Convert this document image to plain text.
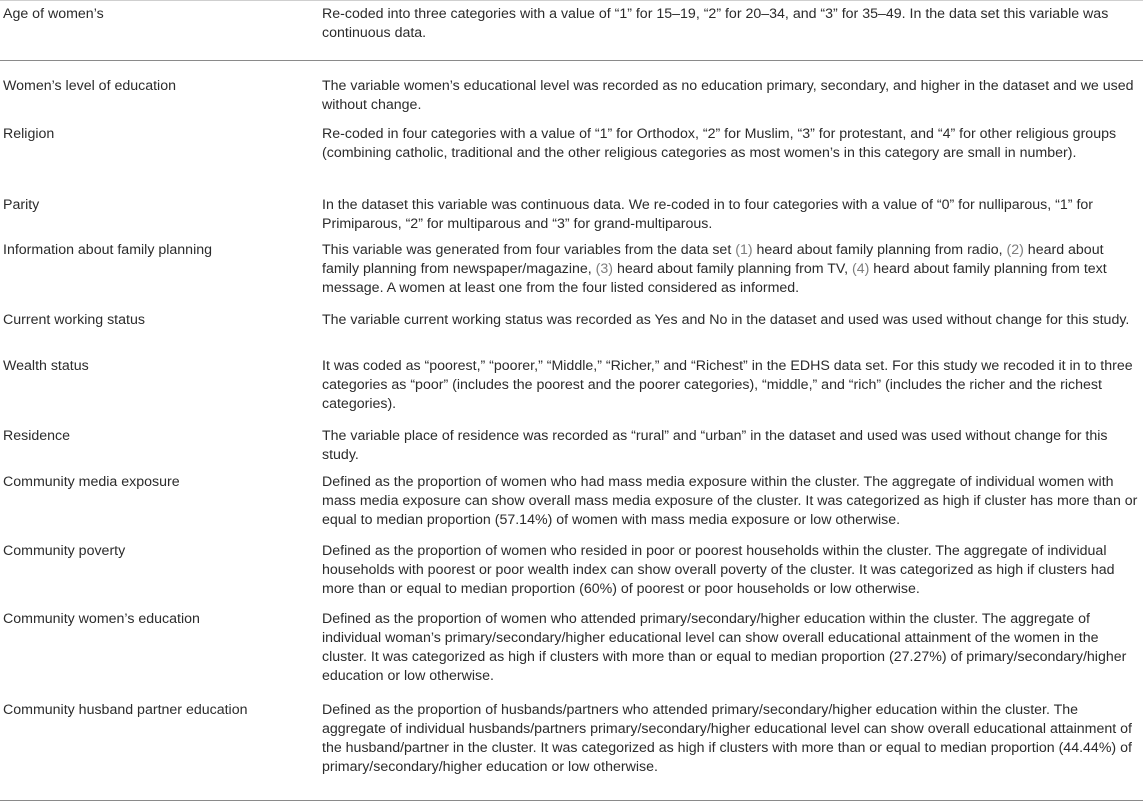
Age of women’s	Re-coded into three categories with a value of “1” for 15–19, “2” for 20–34, and “3” for 35–49. In the data set this variable was continuous data.
Women’s level of education	The variable women’s educational level was recorded as no education primary, secondary, and higher in the dataset and we used without change.
Religion	Re-coded in four categories with a value of “1” for Orthodox, “2” for Muslim, “3” for protestant, and “4” for other religious groups (combining catholic, traditional and the other religious categories as most women’s in this category are small in number).
Parity	In the dataset this variable was continuous data. We re-coded in to four categories with a value of “0” for nulliparous, “1” for Primiparous, “2” for multiparous and “3” for grand-multiparous.
Information about family planning	This variable was generated from four variables from the data set (1) heard about family planning from radio, (2) heard about family planning from newspaper/magazine, (3) heard about family planning from TV, (4) heard about family planning from text message. A women at least one from the four listed considered as informed.
Current working status	The variable current working status was recorded as Yes and No in the dataset and used was used without change for this study.
Wealth status	It was coded as “poorest,” “poorer,” “Middle,” “Richer,” and “Richest” in the EDHS data set. For this study we recoded it in to three categories as “poor” (includes the poorest and the poorer categories), “middle,” and “rich” (includes the richer and the richest categories).
Residence	The variable place of residence was recorded as “rural” and “urban” in the dataset and used was used without change for this study.
Community media exposure	Defined as the proportion of women who had mass media exposure within the cluster. The aggregate of individual women with mass media exposure can show overall mass media exposure of the cluster. It was categorized as high if cluster has more than or equal to median proportion (57.14%) of women with mass media exposure or low otherwise.
Community poverty	Defined as the proportion of women who resided in poor or poorest households within the cluster. The aggregate of individual households with poorest or poor wealth index can show overall poverty of the cluster. It was categorized as high if clusters had more than or equal to median proportion (60%) of poorest or poor households or low otherwise.
Community women’s education	Defined as the proportion of women who attended primary/secondary/higher education within the cluster. The aggregate of individual woman’s primary/secondary/higher educational level can show overall educational attainment of the women in the cluster. It was categorized as high if clusters with more than or equal to median proportion (27.27%) of primary/secondary/higher education or low otherwise.
Community husband partner education	Defined as the proportion of husbands/partners who attended primary/secondary/higher education within the cluster. The aggregate of individual husbands/partners primary/secondary/higher educational level can show overall educational attainment of the husband/partner in the cluster. It was categorized as high if clusters with more than or equal to median proportion (44.44%) of primary/secondary/higher education or low otherwise.
